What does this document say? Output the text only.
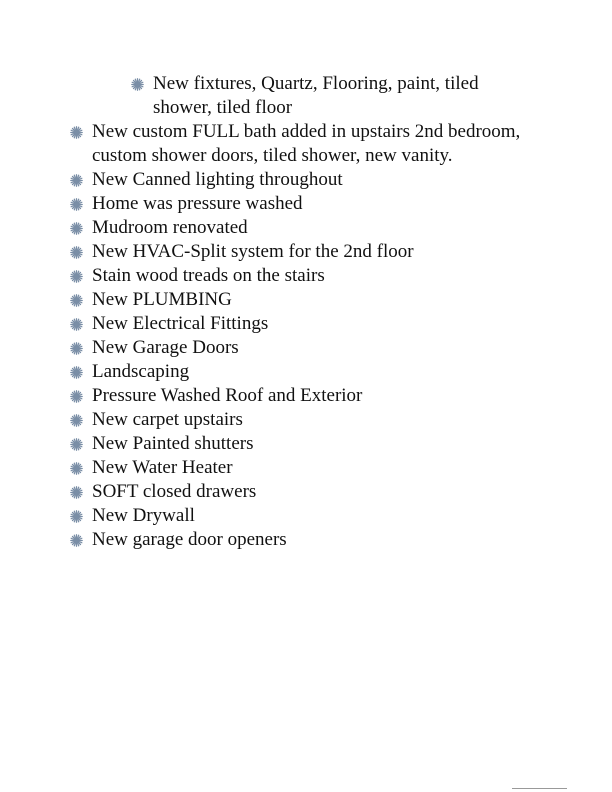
New fixtures, Quartz, Flooring, paint, tiled shower, tiled floor
New custom FULL bath added in upstairs 2nd bedroom, custom shower doors, tiled shower, new vanity.
New Canned lighting throughout
Home was pressure washed
Mudroom renovated
New HVAC-Split system for the 2nd floor
Stain wood treads on the stairs
New PLUMBING
New Electrical Fittings
New Garage Doors
Landscaping
Pressure Washed Roof and Exterior
New carpet upstairs
New Painted shutters
New Water Heater
SOFT closed drawers
New Drywall
New garage door openers
